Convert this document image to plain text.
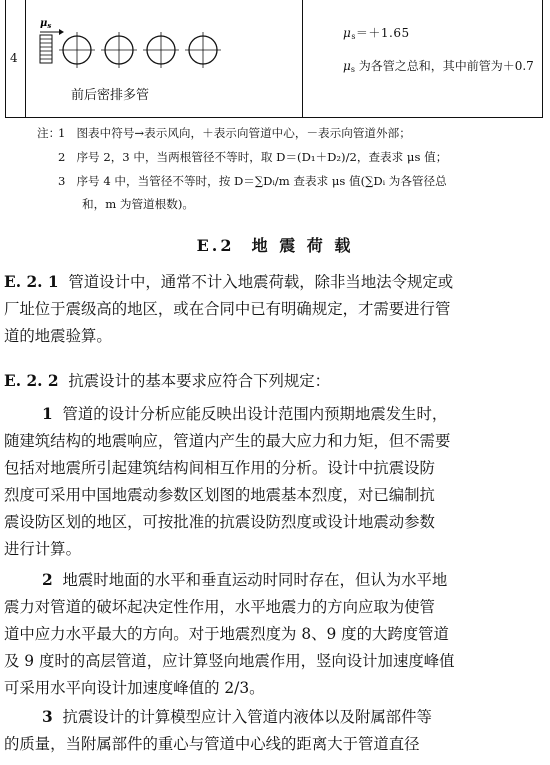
4
$\mu_s$
前后密排多管
$\mu_s=+1.65$
$\mu_s$ 为各管之总和，其中前管为＋0.7
注：
1 图表中符号→表示风向，＋表示向管道中心，－表示向管道外部；
2 序号 2，3 中，当两根管径不等时，取 D＝(D₁＋D₂)/2，查表求 μs 值；
3 序号 4 中，当管径不等时，按 D＝∑Dᵢ/m 查表求 μs 值(∑Dᵢ 为各管径总
和，m 为管道根数)。
E.2 地 震 荷 载
E. 2. 1 管道设计中，通常不计入地震荷载，除非当地法令规定或
厂址位于震级高的地区，或在合同中已有明确规定，才需要进行管
道的地震验算。
E. 2. 2 抗震设计的基本要求应符合下列规定：
1 管道的设计分析应能反映出设计范围内预期地震发生时，
随建筑结构的地震响应，管道内产生的最大应力和力矩，但不需要
包括对地震所引起建筑结构间相互作用的分析。设计中抗震设防
烈度可采用中国地震动参数区划图的地震基本烈度，对已编制抗
震设防区划的地区，可按批准的抗震设防烈度或设计地震动参数
进行计算。
2 地震时地面的水平和垂直运动时同时存在，但认为水平地
震力对管道的破坏起决定性作用，水平地震力的方向应取为使管
道中应力水平最大的方向。对于地震烈度为 8、9 度的大跨度管道
及 9 度时的高层管道，应计算竖向地震作用，竖向设计加速度峰值
可采用水平向设计加速度峰值的 2/3。
3 抗震设计的计算模型应计入管道内液体以及附属部件等
的质量，当附属部件的重心与管道中心线的距离大于管道直径
